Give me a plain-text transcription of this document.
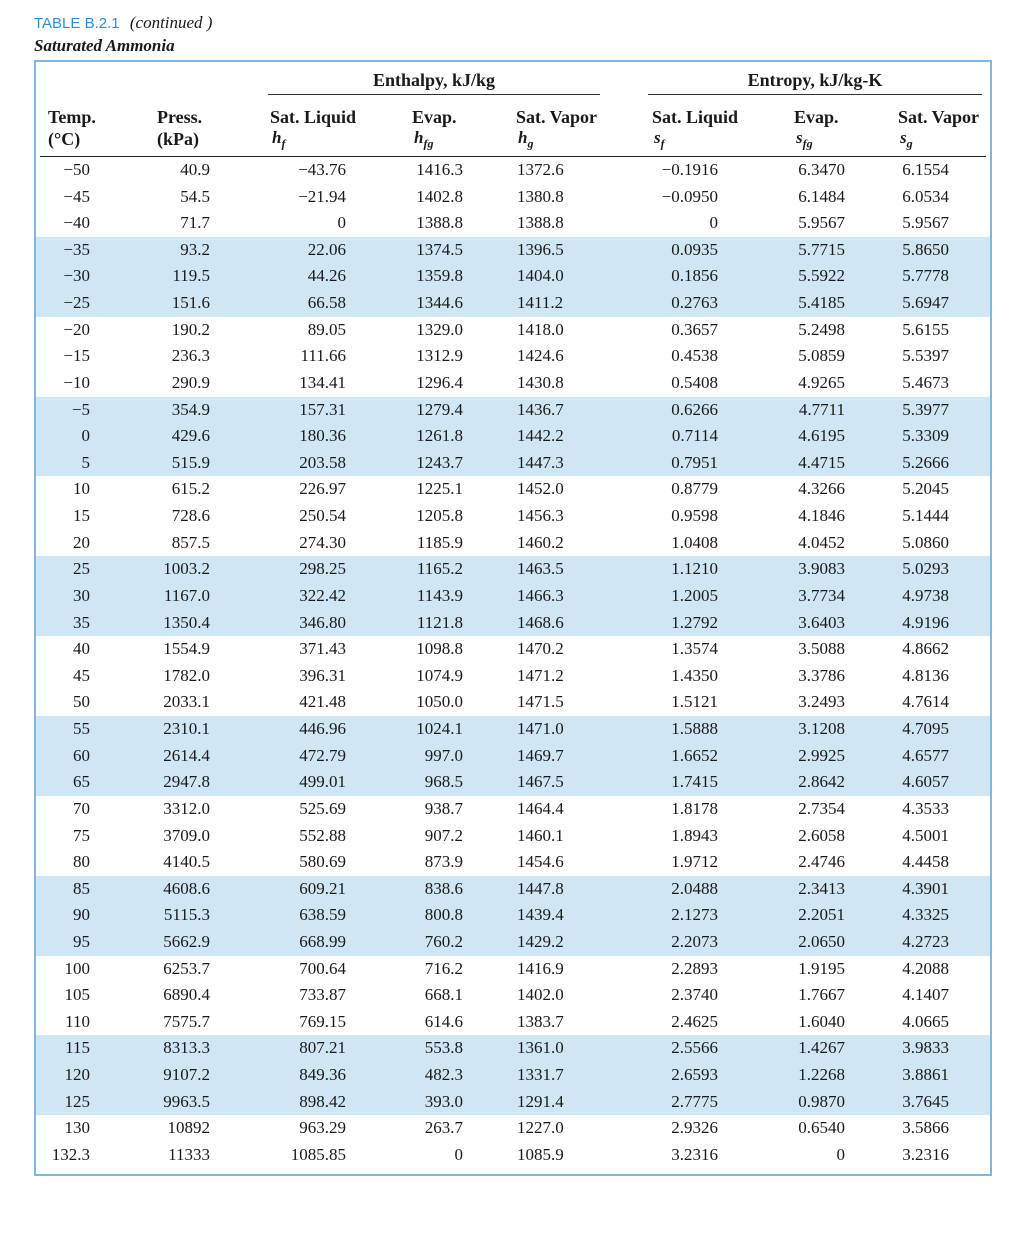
TABLE B.2.1 (continued )
Saturated Ammonia
Enthalpy, kJ/kg	Entropy, kJ/kg-K
Temp.
(°C)
Press.
(kPa)
Sat. Liquid	Evap.	Sat. Vapor	Sat. Liquid	Evap.	Sat. Vapor
$h_f$	$h_{fg}$	$h_g$	$s_f$	$s_{fg}$	$s_g$
−50	40.9	−43.76	1416.3	1372.6	−0.1916	6.3470	6.1554
−45	54.5	−21.94	1402.8	1380.8	−0.0950	6.1484	6.0534
−40	71.7	0	1388.8	1388.8	0	5.9567	5.9567
−35	93.2	22.06	1374.5	1396.5	0.0935	5.7715	5.8650
−30	119.5	44.26	1359.8	1404.0	0.1856	5.5922	5.7778
−25	151.6	66.58	1344.6	1411.2	0.2763	5.4185	5.6947
−20	190.2	89.05	1329.0	1418.0	0.3657	5.2498	5.6155
−15	236.3	111.66	1312.9	1424.6	0.4538	5.0859	5.5397
−10	290.9	134.41	1296.4	1430.8	0.5408	4.9265	5.4673
−5	354.9	157.31	1279.4	1436.7	0.6266	4.7711	5.3977
0	429.6	180.36	1261.8	1442.2	0.7114	4.6195	5.3309
5	515.9	203.58	1243.7	1447.3	0.7951	4.4715	5.2666
10	615.2	226.97	1225.1	1452.0	0.8779	4.3266	5.2045
15	728.6	250.54	1205.8	1456.3	0.9598	4.1846	5.1444
20	857.5	274.30	1185.9	1460.2	1.0408	4.0452	5.0860
25	1003.2	298.25	1165.2	1463.5	1.1210	3.9083	5.0293
30	1167.0	322.42	1143.9	1466.3	1.2005	3.7734	4.9738
35	1350.4	346.80	1121.8	1468.6	1.2792	3.6403	4.9196
40	1554.9	371.43	1098.8	1470.2	1.3574	3.5088	4.8662
45	1782.0	396.31	1074.9	1471.2	1.4350	3.3786	4.8136
50	2033.1	421.48	1050.0	1471.5	1.5121	3.2493	4.7614
55	2310.1	446.96	1024.1	1471.0	1.5888	3.1208	4.7095
60	2614.4	472.79	997.0	1469.7	1.6652	2.9925	4.6577
65	2947.8	499.01	968.5	1467.5	1.7415	2.8642	4.6057
70	3312.0	525.69	938.7	1464.4	1.8178	2.7354	4.3533
75	3709.0	552.88	907.2	1460.1	1.8943	2.6058	4.5001
80	4140.5	580.69	873.9	1454.6	1.9712	2.4746	4.4458
85	4608.6	609.21	838.6	1447.8	2.0488	2.3413	4.3901
90	5115.3	638.59	800.8	1439.4	2.1273	2.2051	4.3325
95	5662.9	668.99	760.2	1429.2	2.2073	2.0650	4.2723
100	6253.7	700.64	716.2	1416.9	2.2893	1.9195	4.2088
105	6890.4	733.87	668.1	1402.0	2.3740	1.7667	4.1407
110	7575.7	769.15	614.6	1383.7	2.4625	1.6040	4.0665
115	8313.3	807.21	553.8	1361.0	2.5566	1.4267	3.9833
120	9107.2	849.36	482.3	1331.7	2.6593	1.2268	3.8861
125	9963.5	898.42	393.0	1291.4	2.7775	0.9870	3.7645
130	10892	963.29	263.7	1227.0	2.9326	0.6540	3.5866
132.3	11333	1085.85	0	1085.9	3.2316	0	3.2316
